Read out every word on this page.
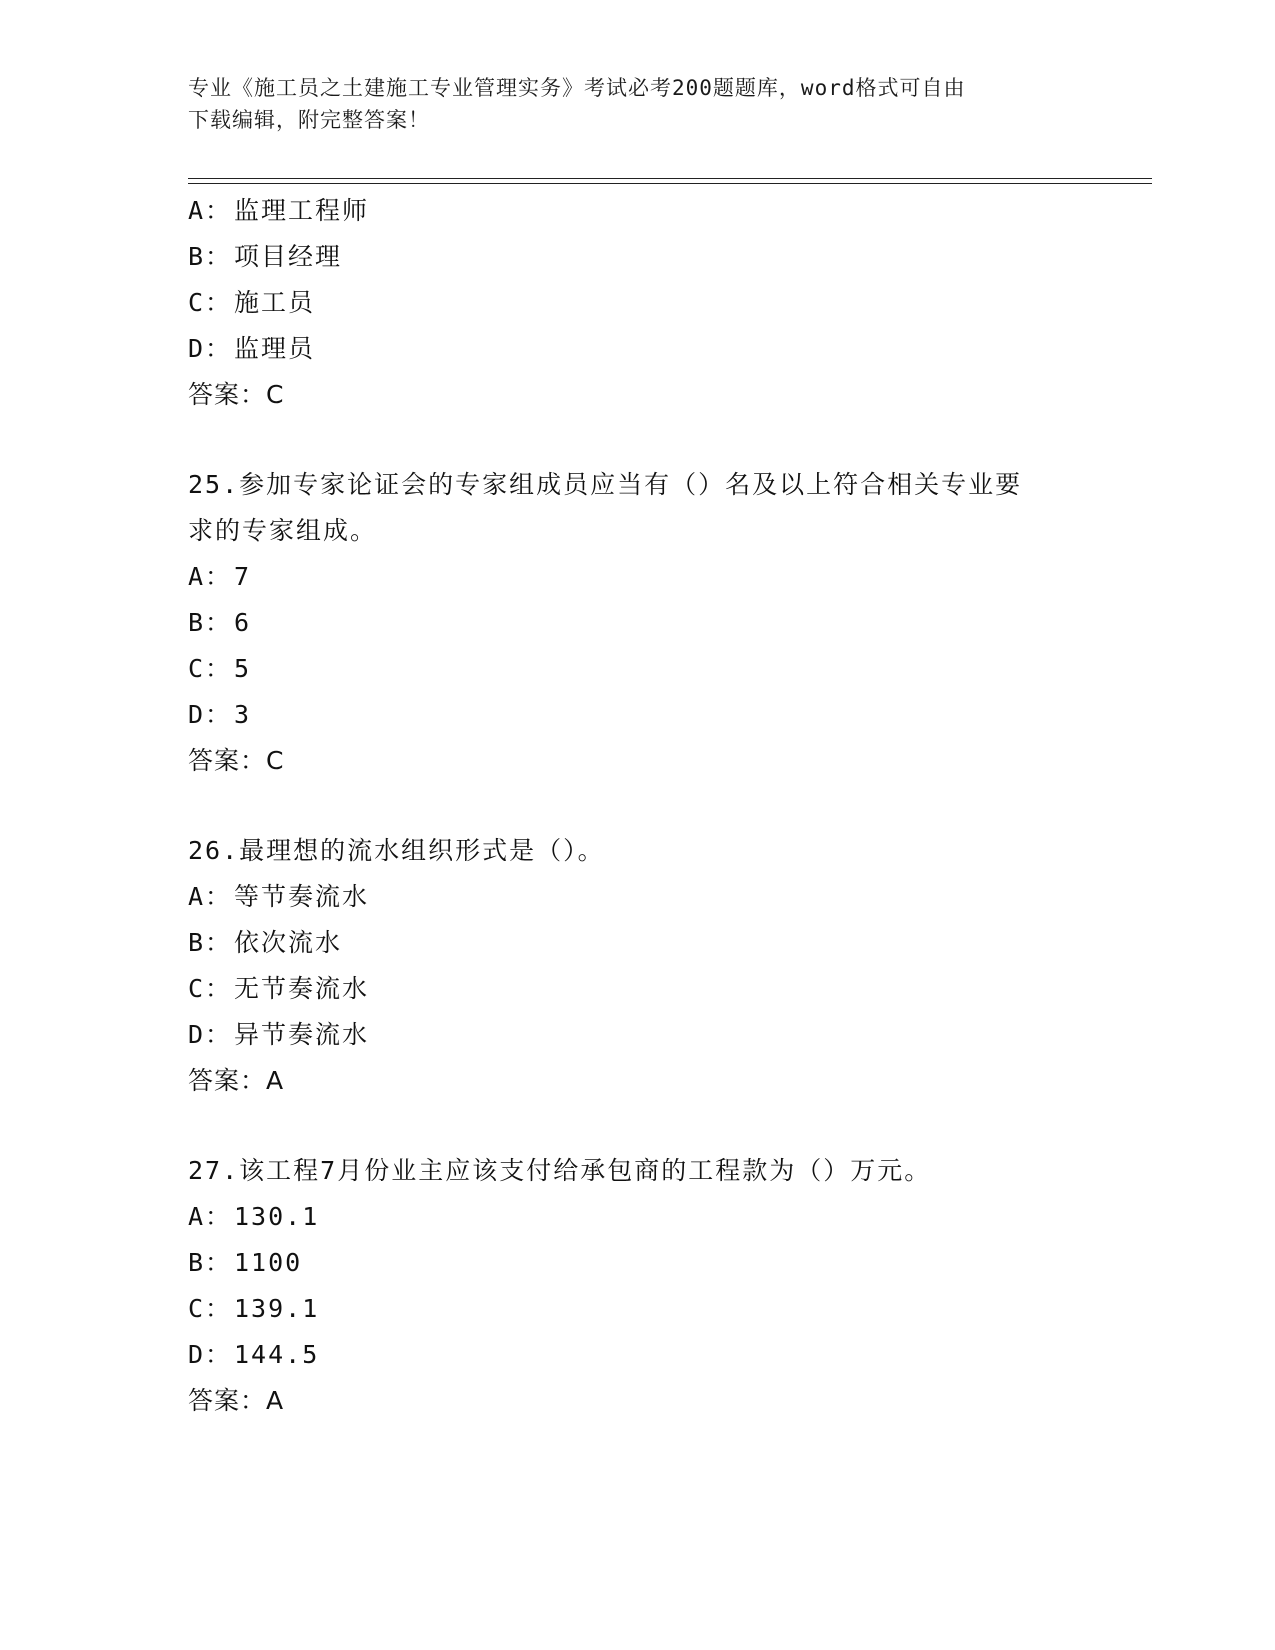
专业《施工员之土建施工专业管理实务》考试必考200题题库，word格式可自由
下载编辑，附完整答案！
A：监理工程师
B：项目经理
C：施工员
D：监理员
答案：C
25.参加专家论证会的专家组成员应当有（）名及以上符合相关专业要
求的专家组成。
A：7
B：6
C：5
D：3
答案：C
26.最理想的流水组织形式是（）。
A：等节奏流水
B：依次流水
C：无节奏流水
D：异节奏流水
答案：A
27.该工程7月份业主应该支付给承包商的工程款为（）万元。
A：130.1
B：1100
C：139.1
D：144.5
答案：A
